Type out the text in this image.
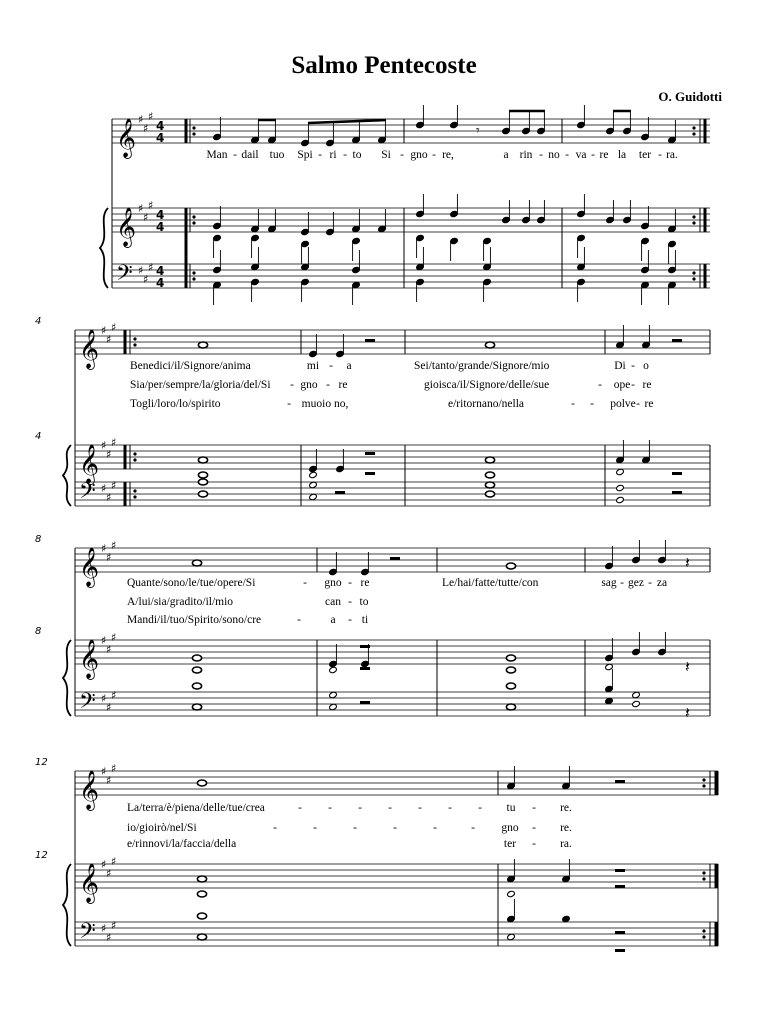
Salmo Pentecoste
O. Guidotti
𝄞 ♯
♯
♯
4
4
𝄞 ♯
♯
♯
4
4
𝄢 ♯
♯
♯ 4
4
𝄾
𝄞 ♯
♯
♯
𝄞 ♯
♯
♯
𝄢 ♯
♯
♯
4
4
𝄞 ♯
♯
♯
𝄞 ♯
♯
♯
𝄢 ♯
♯
♯
8
8
𝄽
𝄽
𝄽
𝄞 ♯
♯
♯
𝄞 ♯
♯
♯
𝄢 ♯
♯
♯
12
12
Man - dail tuo Spi - ri - to Si - gno - re,	a rin - no - va - re la ter - ra.
Benedici/il/Signore/anima	mi - a	Sei/tanto/grande/Signore/mio	Di - o
Sia/per/sempre/la/gloria/del/Si - gno - re	gioisca/il/Signore/delle/sue	- ope - re
Togli/loro/lo/spirito	- muoio no,	e/ritornano/nella	- - polve - re
Quante/sono/le/tue/opere/Si	- gno - re	Le/hai/fatte/tutte/con	sag - gez - za
A/lui/sia/gradito/il/mio	can - to
Mandi/il/tuo/Spirito/sono/cre	-	a - ti
La/terra/è/piena/delle/tue/crea	- - - - - - - tu - re.
io/gioirò/nel/Si	-	-	-	-	-	- gno - re.
e/rinnovi/la/faccia/della	ter - ra.
